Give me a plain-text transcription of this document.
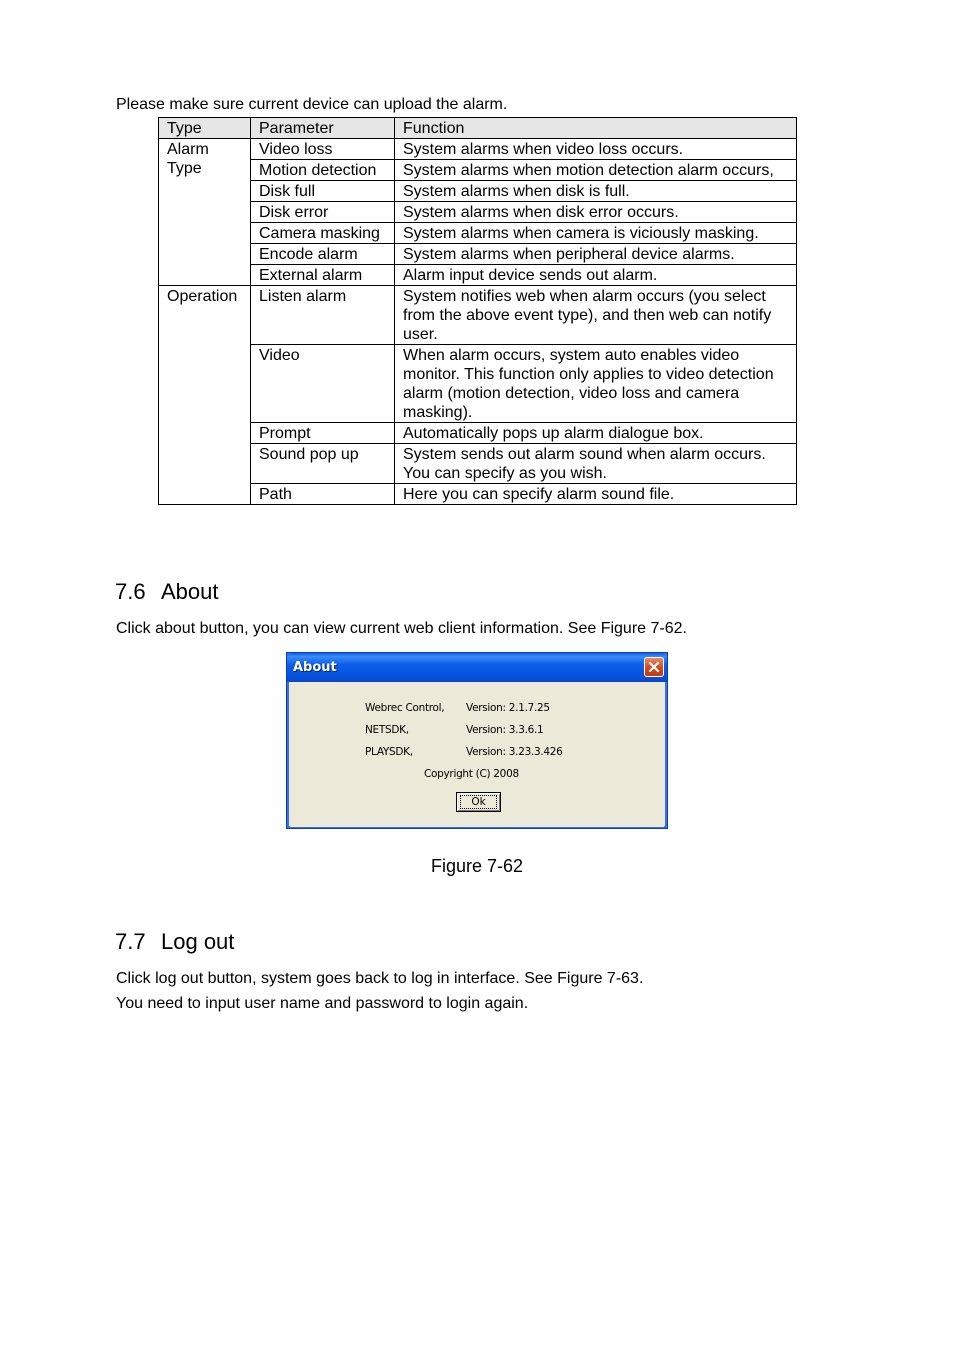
Please make sure current device can upload the alarm.

Type	Parameter	Function
Alarm Type	Video loss	System alarms when video loss occurs.
	Motion detection	System alarms when motion detection alarm occurs,
	Disk full	System alarms when disk is full.
	Disk error	System alarms when disk error occurs.
	Camera masking	System alarms when camera is viciously masking.
	Encode alarm	System alarms when peripheral device alarms.
	External alarm	Alarm input device sends out alarm.
Operation	Listen alarm	System notifies web when alarm occurs (you select from the above event type), and then web can notify user.
	Video	When alarm occurs, system auto enables video monitor. This function only applies to video detection alarm (motion detection, video loss and camera masking).
	Prompt	Automatically pops up alarm dialogue box.
	Sound pop up	System sends out alarm sound when alarm occurs. You can specify as you wish.
	Path	Here you can specify alarm sound file.
7.6 About

Click about button, you can view current web client information. See Figure 7-62.

About
Webrec Control, Version: 2.1.7.25
NETSDK,	Version: 3.3.6.1
PLAYSDK,	Version: 3.23.3.426
Copyright (C) 2008
Ok
Figure 7-62
7.7 Log out

Click log out button, system goes back to log in interface. See Figure 7-63.

You need to input user name and password to login again.
